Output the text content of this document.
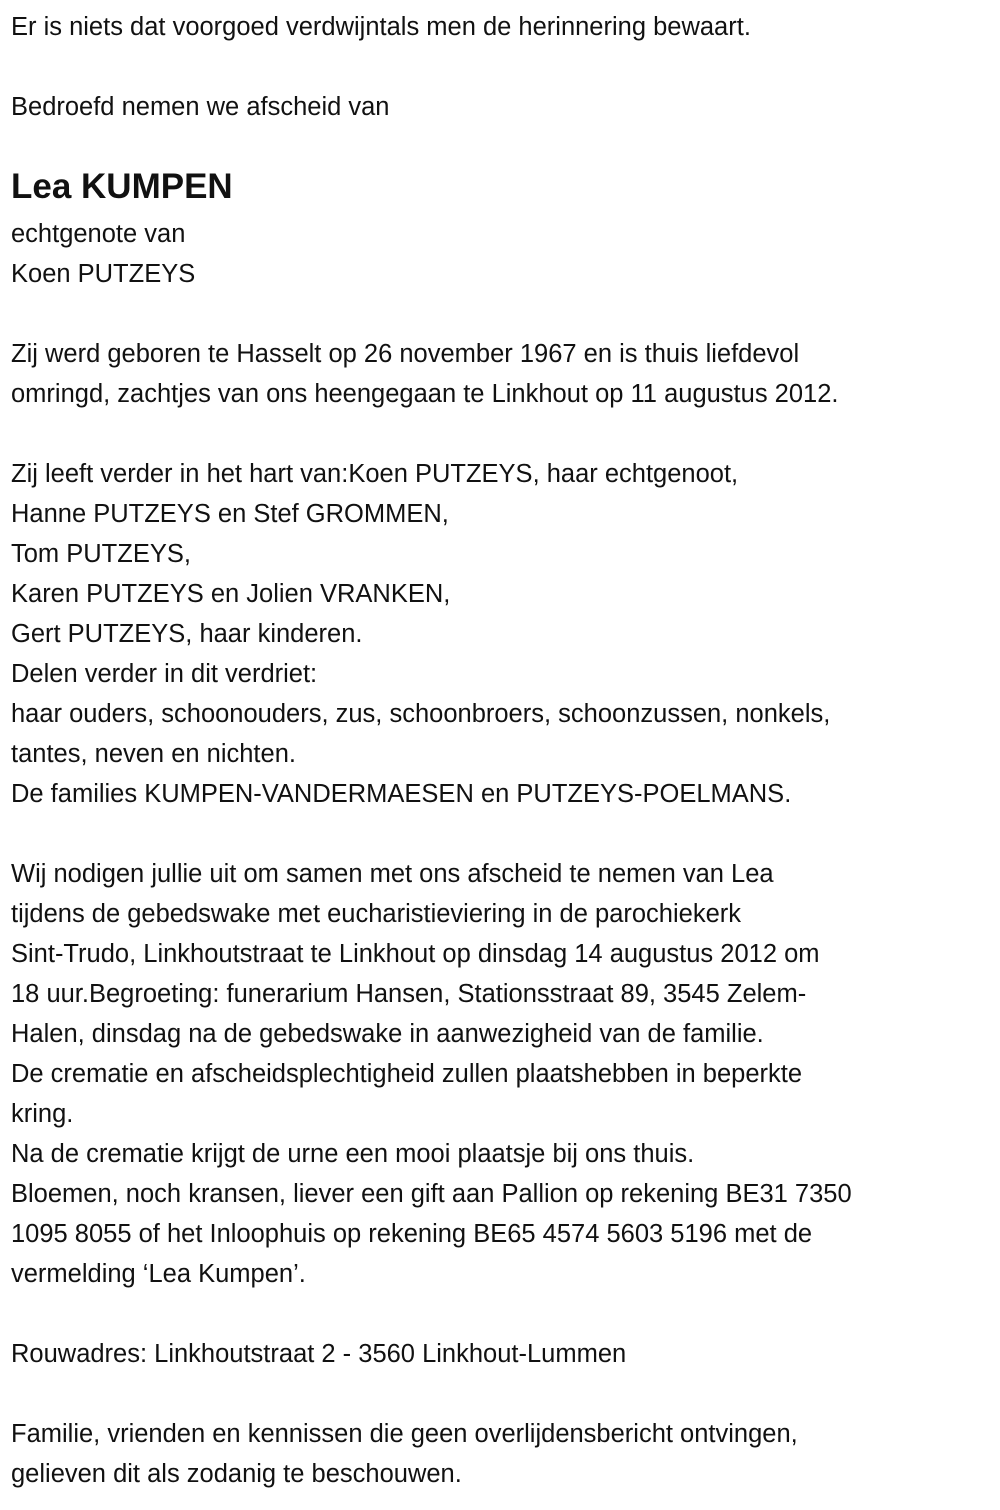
Er is niets dat voorgoed verdwijntals men de herinnering bewaart.
Bedroefd nemen we afscheid van
Lea KUMPEN
echtgenote van
Koen PUTZEYS
Zij werd geboren te Hasselt op 26 november 1967 en is thuis liefdevol
omringd, zachtjes van ons heengegaan te Linkhout op 11 augustus 2012.
Zij leeft verder in het hart van:Koen PUTZEYS, haar echtgenoot,
Hanne PUTZEYS en Stef GROMMEN,
Tom PUTZEYS,
Karen PUTZEYS en Jolien VRANKEN,
Gert PUTZEYS, haar kinderen.
Delen verder in dit verdriet:
haar ouders, schoonouders, zus, schoonbroers, schoonzussen, nonkels,
tantes, neven en nichten.
De families KUMPEN-VANDERMAESEN en PUTZEYS-POELMANS.
Wij nodigen jullie uit om samen met ons afscheid te nemen van Lea
tijdens de gebedswake met eucharistieviering in de parochiekerk
Sint-Trudo, Linkhoutstraat te Linkhout op dinsdag 14 augustus 2012 om
18 uur.Begroeting: funerarium Hansen, Stationsstraat 89, 3545 Zelem-
Halen, dinsdag na de gebedswake in aanwezigheid van de familie.
De crematie en afscheidsplechtigheid zullen plaatshebben in beperkte
kring.
Na de crematie krijgt de urne een mooi plaatsje bij ons thuis.
Bloemen, noch kransen, liever een gift aan Pallion op rekening BE31 7350
1095 8055 of het Inloophuis op rekening BE65 4574 5603 5196 met de
vermelding ‘Lea Kumpen’.
Rouwadres: Linkhoutstraat 2 - 3560 Linkhout-Lummen
Familie, vrienden en kennissen die geen overlijdensbericht ontvingen,
gelieven dit als zodanig te beschouwen.
